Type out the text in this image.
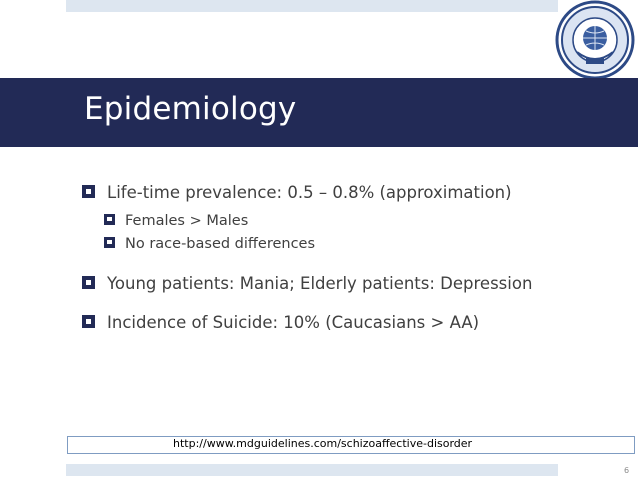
Epidemiology
Life-time prevalence: 0.5 – 0.8% (approximation)
Females > Males
No race-based differences
Young patients: Mania; Elderly patients: Depression
Incidence of Suicide: 10% (Caucasians > AA)
http://www.mdguidelines.com/schizoaffective-disorder
6
